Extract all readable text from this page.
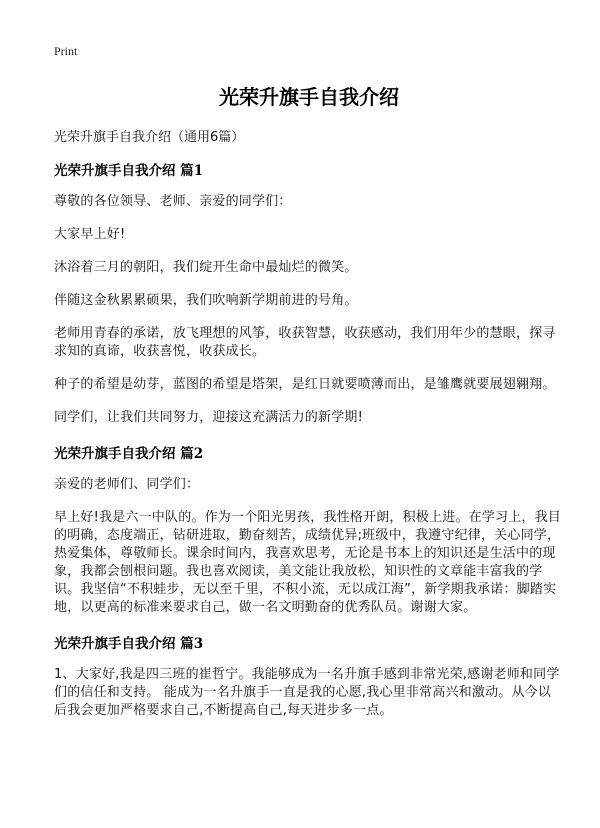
Print
光荣升旗手自我介绍

光荣升旗手自我介绍（通用6篇）

光荣升旗手自我介绍 篇1

尊敬的各位领导、老师、亲爱的同学们：

大家早上好!

沐浴着三月的朝阳，我们绽开生命中最灿烂的微笑。

伴随这金秋累累硕果，我们吹响新学期前进的号角。

老师用青春的承诺，放飞理想的风筝，收获智慧，收获感动，我们用年少的慧眼，探寻求知的真谛，收获喜悦，收获成长。

种子的希望是幼芽，蓝图的希望是塔架，是红日就要喷薄而出，是雏鹰就要展翅翱翔。

同学们，让我们共同努力，迎接这充满活力的新学期!

光荣升旗手自我介绍 篇2

亲爱的老师们、同学们：

早上好!我是六一中队的。作为一个阳光男孩，我性格开朗，积极上进。在学习上，我目的明确，态度端正，钻研进取，勤奋刻苦，成绩优异;班级中，我遵守纪律，关心同学，热爱集体，尊敬师长。课余时间内，我喜欢思考，无论是书本上的知识还是生活中的现象，我都会刨根问题。我也喜欢阅读，美文能让我放松，知识性的文章能丰富我的学识。我坚信“不积蛙步，无以至千里，不积小流，无以成江海”，新学期我承诺：脚踏实地，以更高的标准来要求自己，做一名文明勤奋的优秀队员。谢谢大家。

光荣升旗手自我介绍 篇3

1、大家好,我是四三班的崔哲宁。我能够成为一名升旗手感到非常光荣,感谢老师和同学们的信任和支持。 能成为一名升旗手一直是我的心愿,我心里非常高兴和激动。从今以后我会更加严格要求自己,不断提高自己,每天进步多一点。
